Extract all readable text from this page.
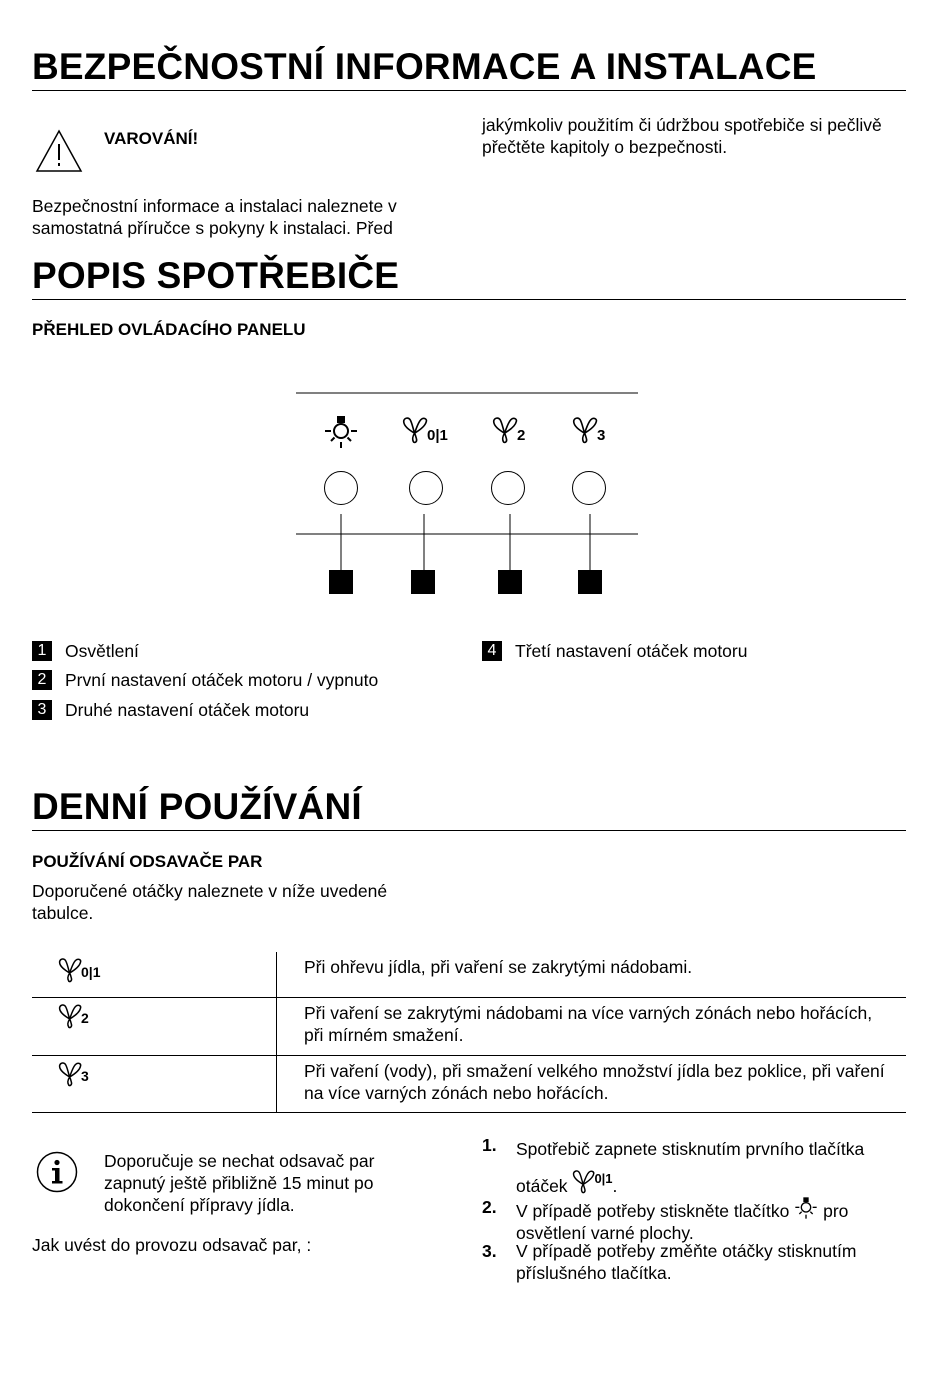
BEZPEČNOSTNÍ INFORMACE A INSTALACE
VAROVÁNÍ!

Bezpečnostní informace a instalaci naleznete v samostatná příručce s pokyny k instalaci. Před

jakýmkoliv použitím či údržbou spotřebiče si pečlivě přečtěte kapitoly o bezpečnosti.

POPIS SPOTŘEBIČE
PŘEHLED OVLÁDACÍHO PANELU
0|1	2	3
1	Osvětlení
2	První nastavení otáček motoru / vypnuto
3	Druhé nastavení otáček motoru
4	Třetí nastavení otáček motoru
DENNÍ POUŽÍVÁNÍ
POUŽÍVÁNÍ ODSAVAČE PAR

Doporučené otáčky naleznete v níže uvedené tabulce.

0|1	Při ohřevu jídla, při vaření se zakrytými nádobami.

2	Při vaření se zakrytými nádobami na více varných zónách nebo hořácích, při mírném smažení.

3	Při vaření (vody), při smažení velkého množství jídla bez poklice, při vaření na více varných zónách nebo hořácích.

Doporučuje se nechat odsavač par zapnutý ještě přibližně 15 minut po dokončení přípravy jídla.

Jak uvést do provozu odsavač par, :

1. Spotřebič zapnete stisknutím prvního tlačítka otáček 0|1 .
2. V případě potřeby stiskněte tlačítko pro osvětlení varné plochy.
3. V případě potřeby změňte otáčky stisknutím příslušného tlačítka.
